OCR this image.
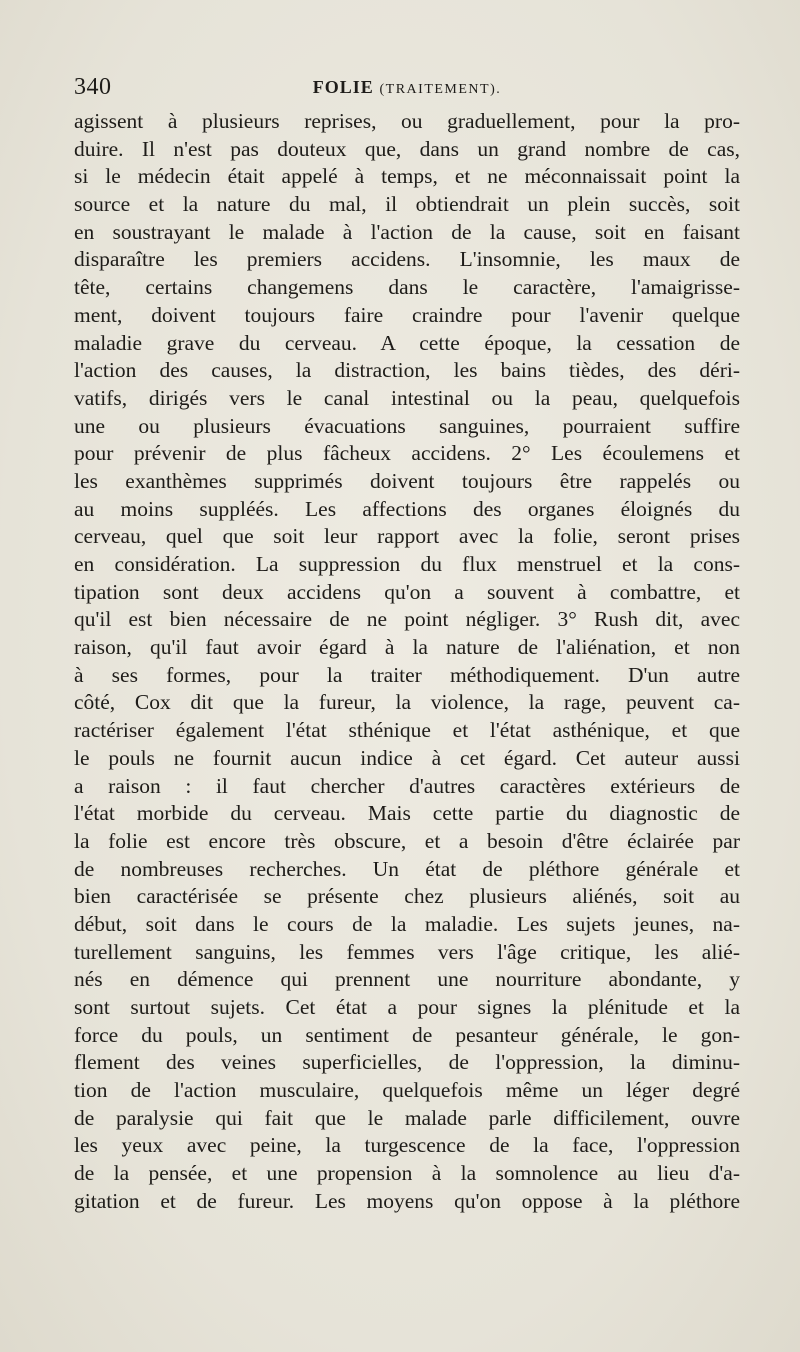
340	FOLIE (TRAITEMENT).
agissent à plusieurs reprises, ou graduellement, pour la pro-
duire. Il n'est pas douteux que, dans un grand nombre de cas,
si le médecin était appelé à temps, et ne méconnaissait point la
source et la nature du mal, il obtiendrait un plein succès, soit
en soustrayant le malade à l'action de la cause, soit en faisant
disparaître les premiers accidens. L'insomnie, les maux de
tête, certains changemens dans le caractère, l'amaigrisse-
ment, doivent toujours faire craindre pour l'avenir quelque
maladie grave du cerveau. A cette époque, la cessation de
l'action des causes, la distraction, les bains tièdes, des déri-
vatifs, dirigés vers le canal intestinal ou la peau, quelquefois
une ou plusieurs évacuations sanguines, pourraient suffire
pour prévenir de plus fâcheux accidens. 2° Les écoulemens et
les exanthèmes supprimés doivent toujours être rappelés ou
au moins suppléés. Les affections des organes éloignés du
cerveau, quel que soit leur rapport avec la folie, seront prises
en considération. La suppression du flux menstruel et la cons-
tipation sont deux accidens qu'on a souvent à combattre, et
qu'il est bien nécessaire de ne point négliger. 3° Rush dit, avec
raison, qu'il faut avoir égard à la nature de l'aliénation, et non
à ses formes, pour la traiter méthodiquement. D'un autre
côté, Cox dit que la fureur, la violence, la rage, peuvent ca-
ractériser également l'état sthénique et l'état asthénique, et que
le pouls ne fournit aucun indice à cet égard. Cet auteur aussi
a raison : il faut chercher d'autres caractères extérieurs de
l'état morbide du cerveau. Mais cette partie du diagnostic de
la folie est encore très obscure, et a besoin d'être éclairée par
de nombreuses recherches. Un état de pléthore générale et
bien caractérisée se présente chez plusieurs aliénés, soit au
début, soit dans le cours de la maladie. Les sujets jeunes, na-
turellement sanguins, les femmes vers l'âge critique, les alié-
nés en démence qui prennent une nourriture abondante, y
sont surtout sujets. Cet état a pour signes la plénitude et la
force du pouls, un sentiment de pesanteur générale, le gon-
flement des veines superficielles, de l'oppression, la diminu-
tion de l'action musculaire, quelquefois même un léger degré
de paralysie qui fait que le malade parle difficilement, ouvre
les yeux avec peine, la turgescence de la face, l'oppression
de la pensée, et une propension à la somnolence au lieu d'a-
gitation et de fureur. Les moyens qu'on oppose à la pléthore
